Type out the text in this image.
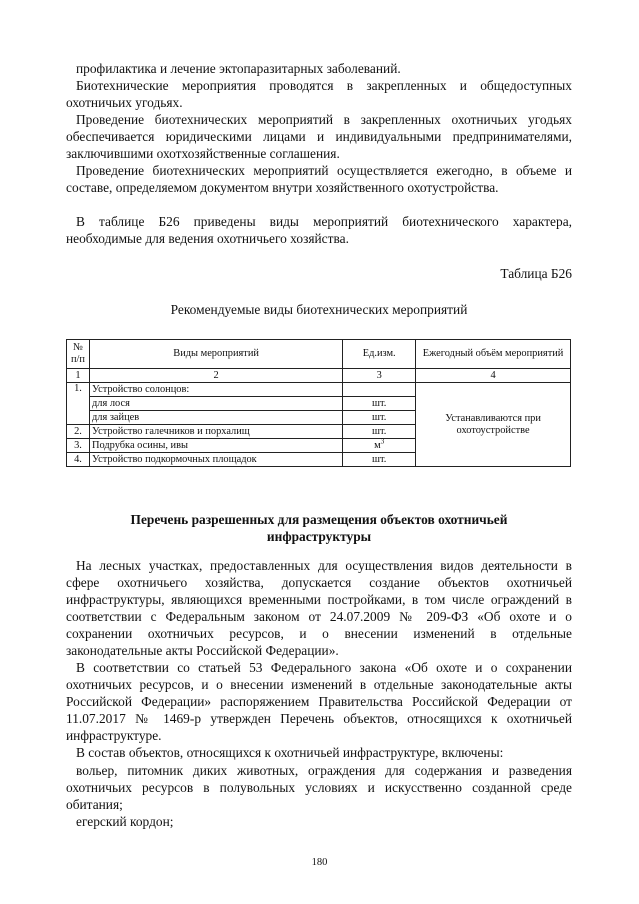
профилактика и лечение эктопаразитарных заболеваний.
Биотехнические мероприятия проводятся в закрепленных и общедоступных охотничьих угодьях.
Проведение биотехнических мероприятий в закрепленных охотничьих угодьях обеспечивается юридическими лицами и индивидуальными предпринимателями, заключившими охотхозяйственные соглашения.
Проведение биотехнических мероприятий осуществляется ежегодно, в объеме и составе, определяемом документом внутри хозяйственного охотустройства.
В таблице Б26 приведены виды мероприятий биотехнического характера, необходимые для ведения охотничьего хозяйства.
Таблица Б26
Рекомендуемые виды биотехнических мероприятий
№ п/п	Виды мероприятий	Ед.изм.	Ежегодный объём мероприятий
1	2	3	4
1.	Устройство солонцов:		Устанавливаются при охотоустройстве
	для лося	шт.	
	для зайцев	шт.	
2.	Устройство галечников и порхалищ	шт.	
3.	Подрубка осины, ивы	$м^3$
4.	Устройство подкормочных площадок	шт.	
Перечень разрешенных для размещения объектов охотничьей инфраструктуры
На лесных участках, предоставленных для осуществления видов деятельности в сфере охотничьего хозяйства, допускается создание объектов охотничьей инфраструктуры, являющихся временными постройками, в том числе ограждений в соответствии с Федеральным законом от 24.07.2009 № 209-ФЗ «Об охоте и о сохранении охотничьих ресурсов, и о внесении изменений в отдельные законодательные акты Российской Федерации».
В соответствии со статьей 53 Федерального закона «Об охоте и о сохранении охотничьих ресурсов, и о внесении изменений в отдельные законодательные акты Российской Федерации» распоряжением Правительства Российской Федерации от 11.07.2017 № 1469-р утвержден Перечень объектов, относящихся к охотничьей инфраструктуре.
В состав объектов, относящихся к охотничьей инфраструктуре, включены:
вольер, питомник диких животных, ограждения для содержания и разведения охотничьих ресурсов в полувольных условиях и искусственно созданной среде обитания;
егерский кордон;
180
